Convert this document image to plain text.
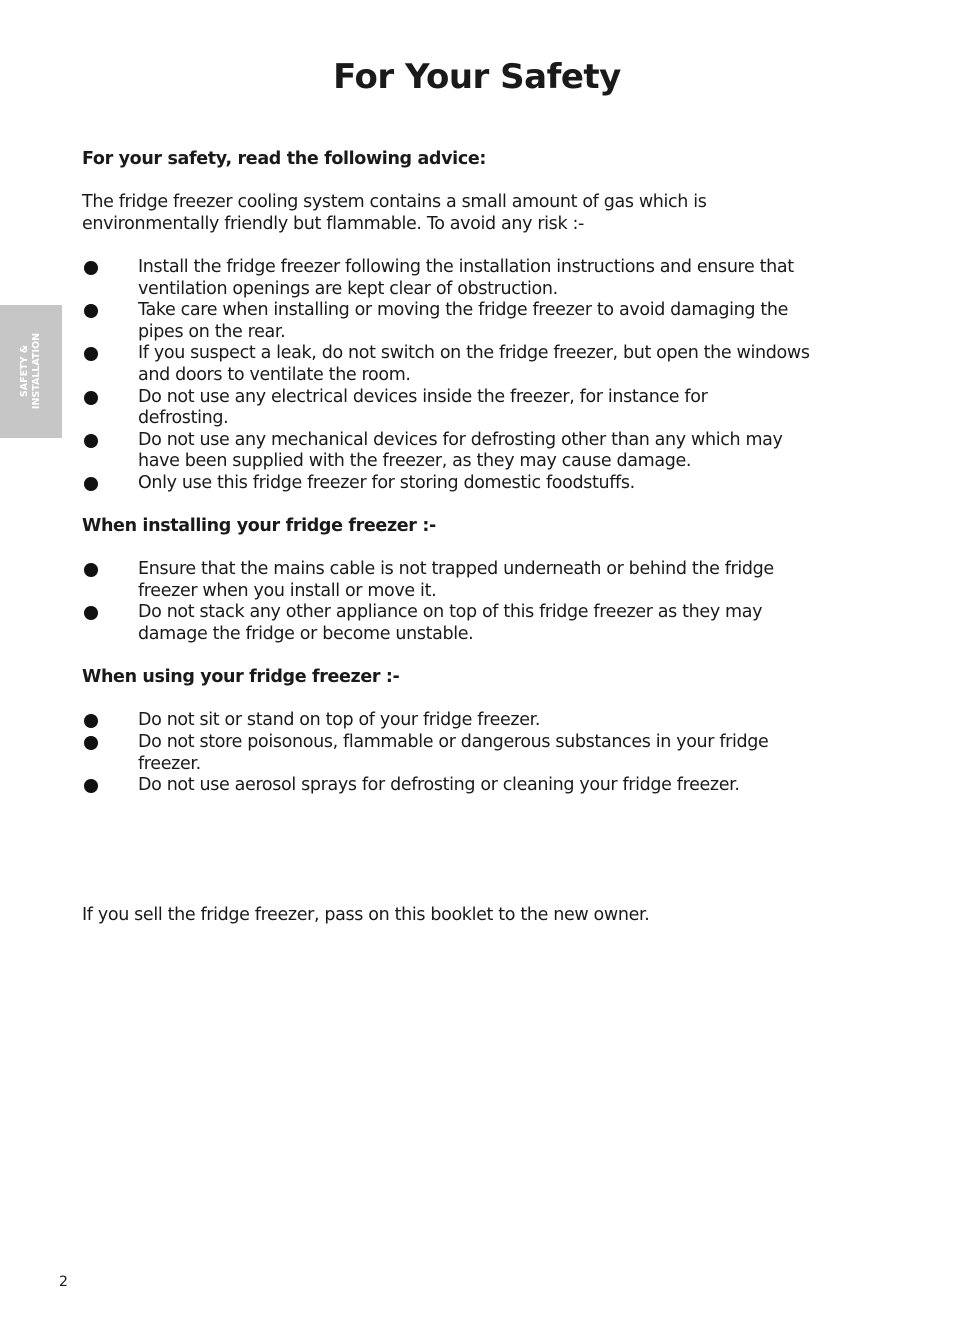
For Your Safety
SAFETY & INSTALLATION

For your safety, read the following advice:

The fridge freezer cooling system contains a small amount of gas which is
environmentally friendly but flammable. To avoid any risk :-

Install the fridge freezer following the installation instructions and ensure that
ventilation openings are kept clear of obstruction.
Take care when installing or moving the fridge freezer to avoid damaging the
pipes on the rear.
If you suspect a leak, do not switch on the fridge freezer, but open the windows
and doors to ventilate the room.
Do not use any electrical devices inside the freezer, for instance for
defrosting.
Do not use any mechanical devices for defrosting other than any which may
have been supplied with the freezer, as they may cause damage.
Only use this fridge freezer for storing domestic foodstuffs.

When installing your fridge freezer :-

Ensure that the mains cable is not trapped underneath or behind the fridge
freezer when you install or move it.
Do not stack any other appliance on top of this fridge freezer as they may
damage the fridge or become unstable.

When using your fridge freezer :-

Do not sit or stand on top of your fridge freezer.
Do not store poisonous, flammable or dangerous substances in your fridge
freezer.
Do not use aerosol sprays for defrosting or cleaning your fridge freezer.

If you sell the fridge freezer, pass on this booklet to the new owner.

2
